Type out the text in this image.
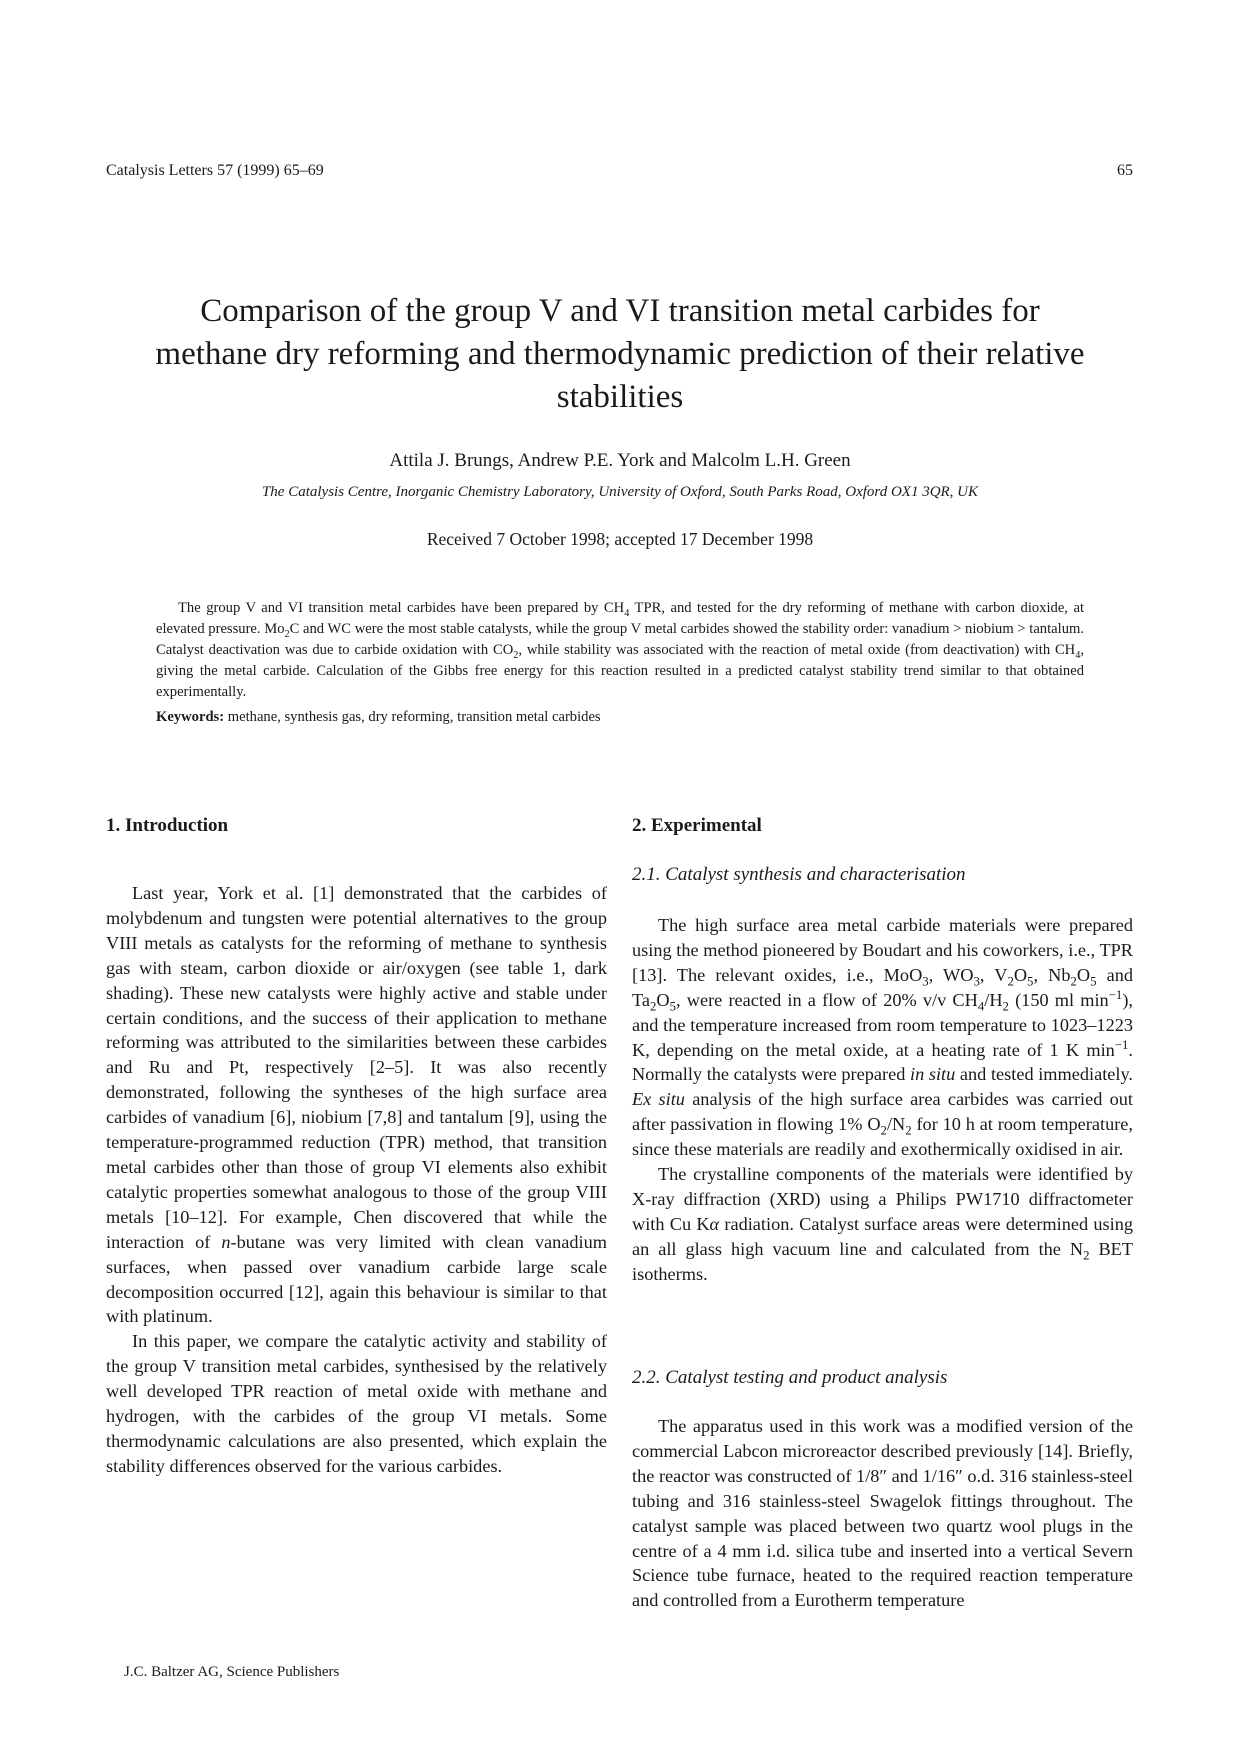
Catalysis Letters 57 (1999) 65–69	65
Comparison of the group V and VI transition metal carbides for methane dry reforming and thermodynamic prediction of their relative stabilities
Attila J. Brungs, Andrew P.E. York and Malcolm L.H. Green
The Catalysis Centre, Inorganic Chemistry Laboratory, University of Oxford, South Parks Road, Oxford OX1 3QR, UK
Received 7 October 1998; accepted 17 December 1998

The group V and VI transition metal carbides have been prepared by $CH_4$ TPR, and tested for the dry reforming of methane with carbon dioxide, at elevated pressure. $Mo_2C$ and WC were the most stable catalysts, while the group V metal carbides showed the stability order: vanadium > niobium > tantalum. Catalyst deactivation was due to carbide oxidation with $CO_2$, while stability was associated with the reaction of metal oxide (from deactivation) with $CH_4$, giving the metal carbide. Calculation of the Gibbs free energy for this reaction resulted in a predicted catalyst stability trend similar to that obtained experimentally.

Keywords: methane, synthesis gas, dry reforming, transition metal carbides
1. Introduction

Last year, York et al. [1] demonstrated that the carbides of molybdenum and tungsten were potential alternatives to the group VIII metals as catalysts for the reforming of methane to synthesis gas with steam, carbon dioxide or air/oxygen (see table 1, dark shading). These new catalysts were highly active and stable under certain conditions, and the success of their application to methane reforming was attributed to the similarities between these carbides and Ru and Pt, respectively [2–5]. It was also recently demonstrated, following the syntheses of the high surface area carbides of vanadium [6], niobium [7,8] and tantalum [9], using the temperature-programmed reduction (TPR) method, that transition metal carbides other than those of group VI elements also exhibit catalytic properties somewhat analogous to those of the group VIII metals [10–12]. For example, Chen discovered that while the interaction of n-butane was very limited with clean vanadium surfaces, when passed over vanadium carbide large scale decomposition occurred [12], again this behaviour is similar to that with platinum.

In this paper, we compare the catalytic activity and stability of the group V transition metal carbides, synthesised by the relatively well developed TPR reaction of metal oxide with methane and hydrogen, with the carbides of the group VI metals. Some thermodynamic calculations are also presented, which explain the stability differences observed for the various carbides.

2. Experimental
2.1. Catalyst synthesis and characterisation

The high surface area metal carbide materials were prepared using the method pioneered by Boudart and his coworkers, i.e., TPR [13]. The relevant oxides, i.e., MoO$_3$, $WO_3$, $V_2O_5$, $Nb_2O_5$ and $Ta_2O_5$, were reacted in a flow of 20% v/v $CH_4/H_2$ (150 ml $\min^{-1}$), and the temperature increased from room temperature to 1023–1223 K, depending on the metal oxide, at a heating rate of 1 K $\min^{-1}$. Normally the catalysts were prepared in situ and tested immediately. Ex situ analysis of the high surface area carbides was carried out after passivation in flowing 1% $O_2/N_2$ for 10 h at room temperature, since these materials are readily and exothermically oxidised in air.

The crystalline components of the materials were identified by X-ray diffraction (XRD) using a Philips PW1710 diffractometer with Cu Kα radiation. Catalyst surface areas were determined using an all glass high vacuum line and calculated from the $N_2$ BET isotherms.

2.2. Catalyst testing and product analysis

The apparatus used in this work was a modified version of the commercial Labcon microreactor described previously [14]. Briefly, the reactor was constructed of 1/8″ and 1/16″ o.d. 316 stainless-steel tubing and 316 stainless-steel Swagelok fittings throughout. The catalyst sample was placed between two quartz wool plugs in the centre of a 4 mm i.d. silica tube and inserted into a vertical Severn Science tube furnace, heated to the required reaction temperature and controlled from a Eurotherm temperature

J.C. Baltzer AG, Science Publishers
